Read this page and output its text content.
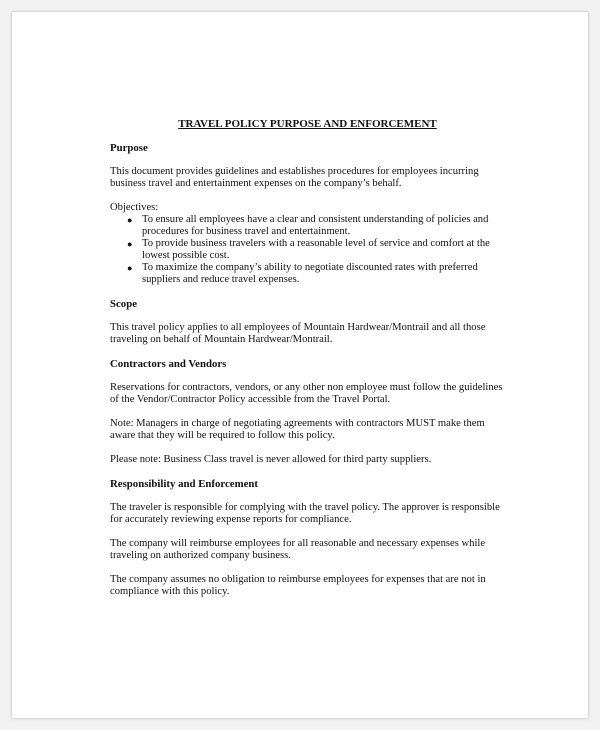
TRAVEL POLICY PURPOSE AND ENFORCEMENT
Purpose

This document provides guidelines and establishes procedures for employees incurring business travel and entertainment expenses on the company’s behalf.

Objectives:

● To ensure all employees have a clear and consistent understanding of policies and procedures for business travel and entertainment.
● To provide business travelers with a reasonable level of service and comfort at the lowest possible cost.
● To maximize the company’s ability to negotiate discounted rates with preferred suppliers and reduce travel expenses.
Scope

This travel policy applies to all employees of Mountain Hardwear/Montrail and all those traveling on behalf of Mountain Hardwear/Montrail.

Contractors and Vendors

Reservations for contractors, vendors, or any other non employee must follow the guidelines of the Vendor/Contractor Policy accessible from the Travel Portal.

Note: Managers in charge of negotiating agreements with contractors MUST make them aware that they will be required to follow this policy.

Please note: Business Class travel is never allowed for third party suppliers.

Responsibility and Enforcement

The traveler is responsible for complying with the travel policy. The approver is responsible for accurately reviewing expense reports for compliance.

The company will reimburse employees for all reasonable and necessary expenses while traveling on authorized company business.

The company assumes no obligation to reimburse employees for expenses that are not in compliance with this policy.
